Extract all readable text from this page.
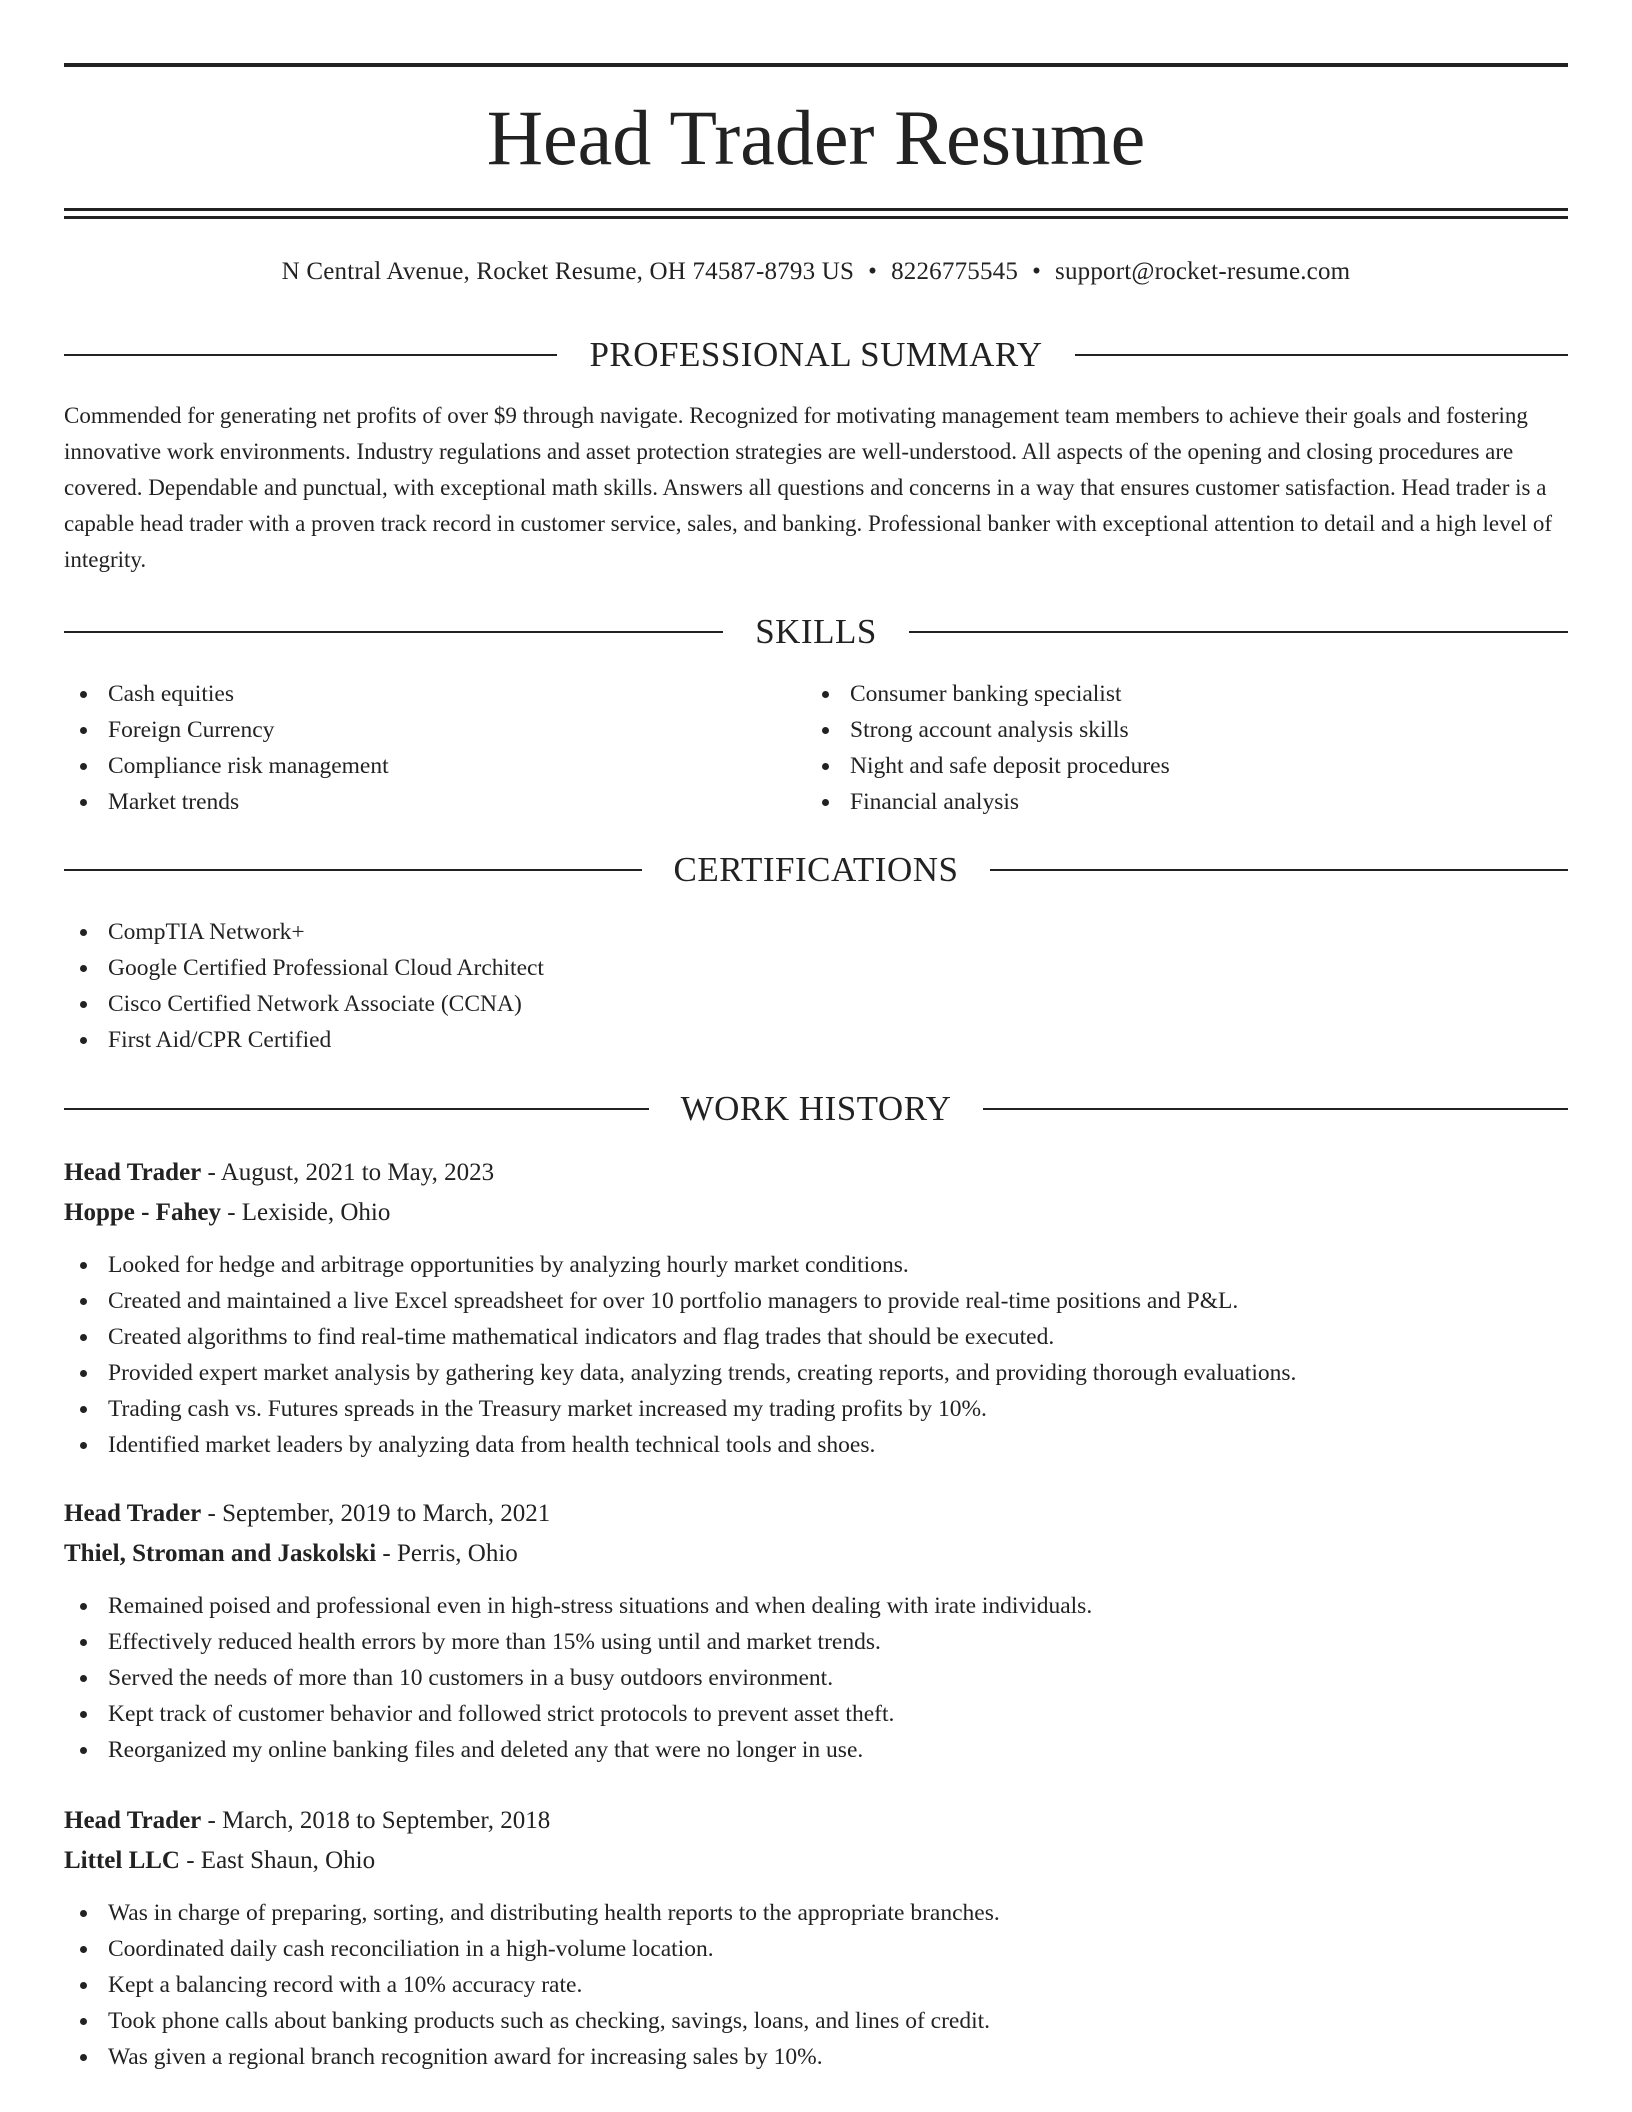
Head Trader Resume
N Central Avenue, Rocket Resume, OH 74587-8793 US • 8226775545 • support@rocket-resume.com
PROFESSIONAL SUMMARY

Commended for generating net profits of over $9 through navigate. Recognized for motivating management team members to achieve their goals and fostering innovative work environments. Industry regulations and asset protection strategies are well-understood. All aspects of the opening and closing procedures are covered. Dependable and punctual, with exceptional math skills. Answers all questions and concerns in a way that ensures customer satisfaction. Head trader is a capable head trader with a proven track record in customer service, sales, and banking. Professional banker with exceptional attention to detail and a high level of integrity.

SKILLS
Cash equities
Foreign Currency
Compliance risk management
Market trends
Consumer banking specialist
Strong account analysis skills
Night and safe deposit procedures
Financial analysis
CERTIFICATIONS
CompTIA Network+
Google Certified Professional Cloud Architect
Cisco Certified Network Associate (CCNA)
First Aid/CPR Certified
WORK HISTORY
Head Trader - August, 2021 to May, 2023
Hoppe - Fahey - Lexiside, Ohio
Looked for hedge and arbitrage opportunities by analyzing hourly market conditions.
Created and maintained a live Excel spreadsheet for over 10 portfolio managers to provide real-time positions and P&L.
Created algorithms to find real-time mathematical indicators and flag trades that should be executed.
Provided expert market analysis by gathering key data, analyzing trends, creating reports, and providing thorough evaluations.
Trading cash vs. Futures spreads in the Treasury market increased my trading profits by 10%.
Identified market leaders by analyzing data from health technical tools and shoes.
Head Trader - September, 2019 to March, 2021
Thiel, Stroman and Jaskolski - Perris, Ohio
Remained poised and professional even in high-stress situations and when dealing with irate individuals.
Effectively reduced health errors by more than 15% using until and market trends.
Served the needs of more than 10 customers in a busy outdoors environment.
Kept track of customer behavior and followed strict protocols to prevent asset theft.
Reorganized my online banking files and deleted any that were no longer in use.
Head Trader - March, 2018 to September, 2018
Littel LLC - East Shaun, Ohio
Was in charge of preparing, sorting, and distributing health reports to the appropriate branches.
Coordinated daily cash reconciliation in a high-volume location.
Kept a balancing record with a 10% accuracy rate.
Took phone calls about banking products such as checking, savings, loans, and lines of credit.
Was given a regional branch recognition award for increasing sales by 10%.
